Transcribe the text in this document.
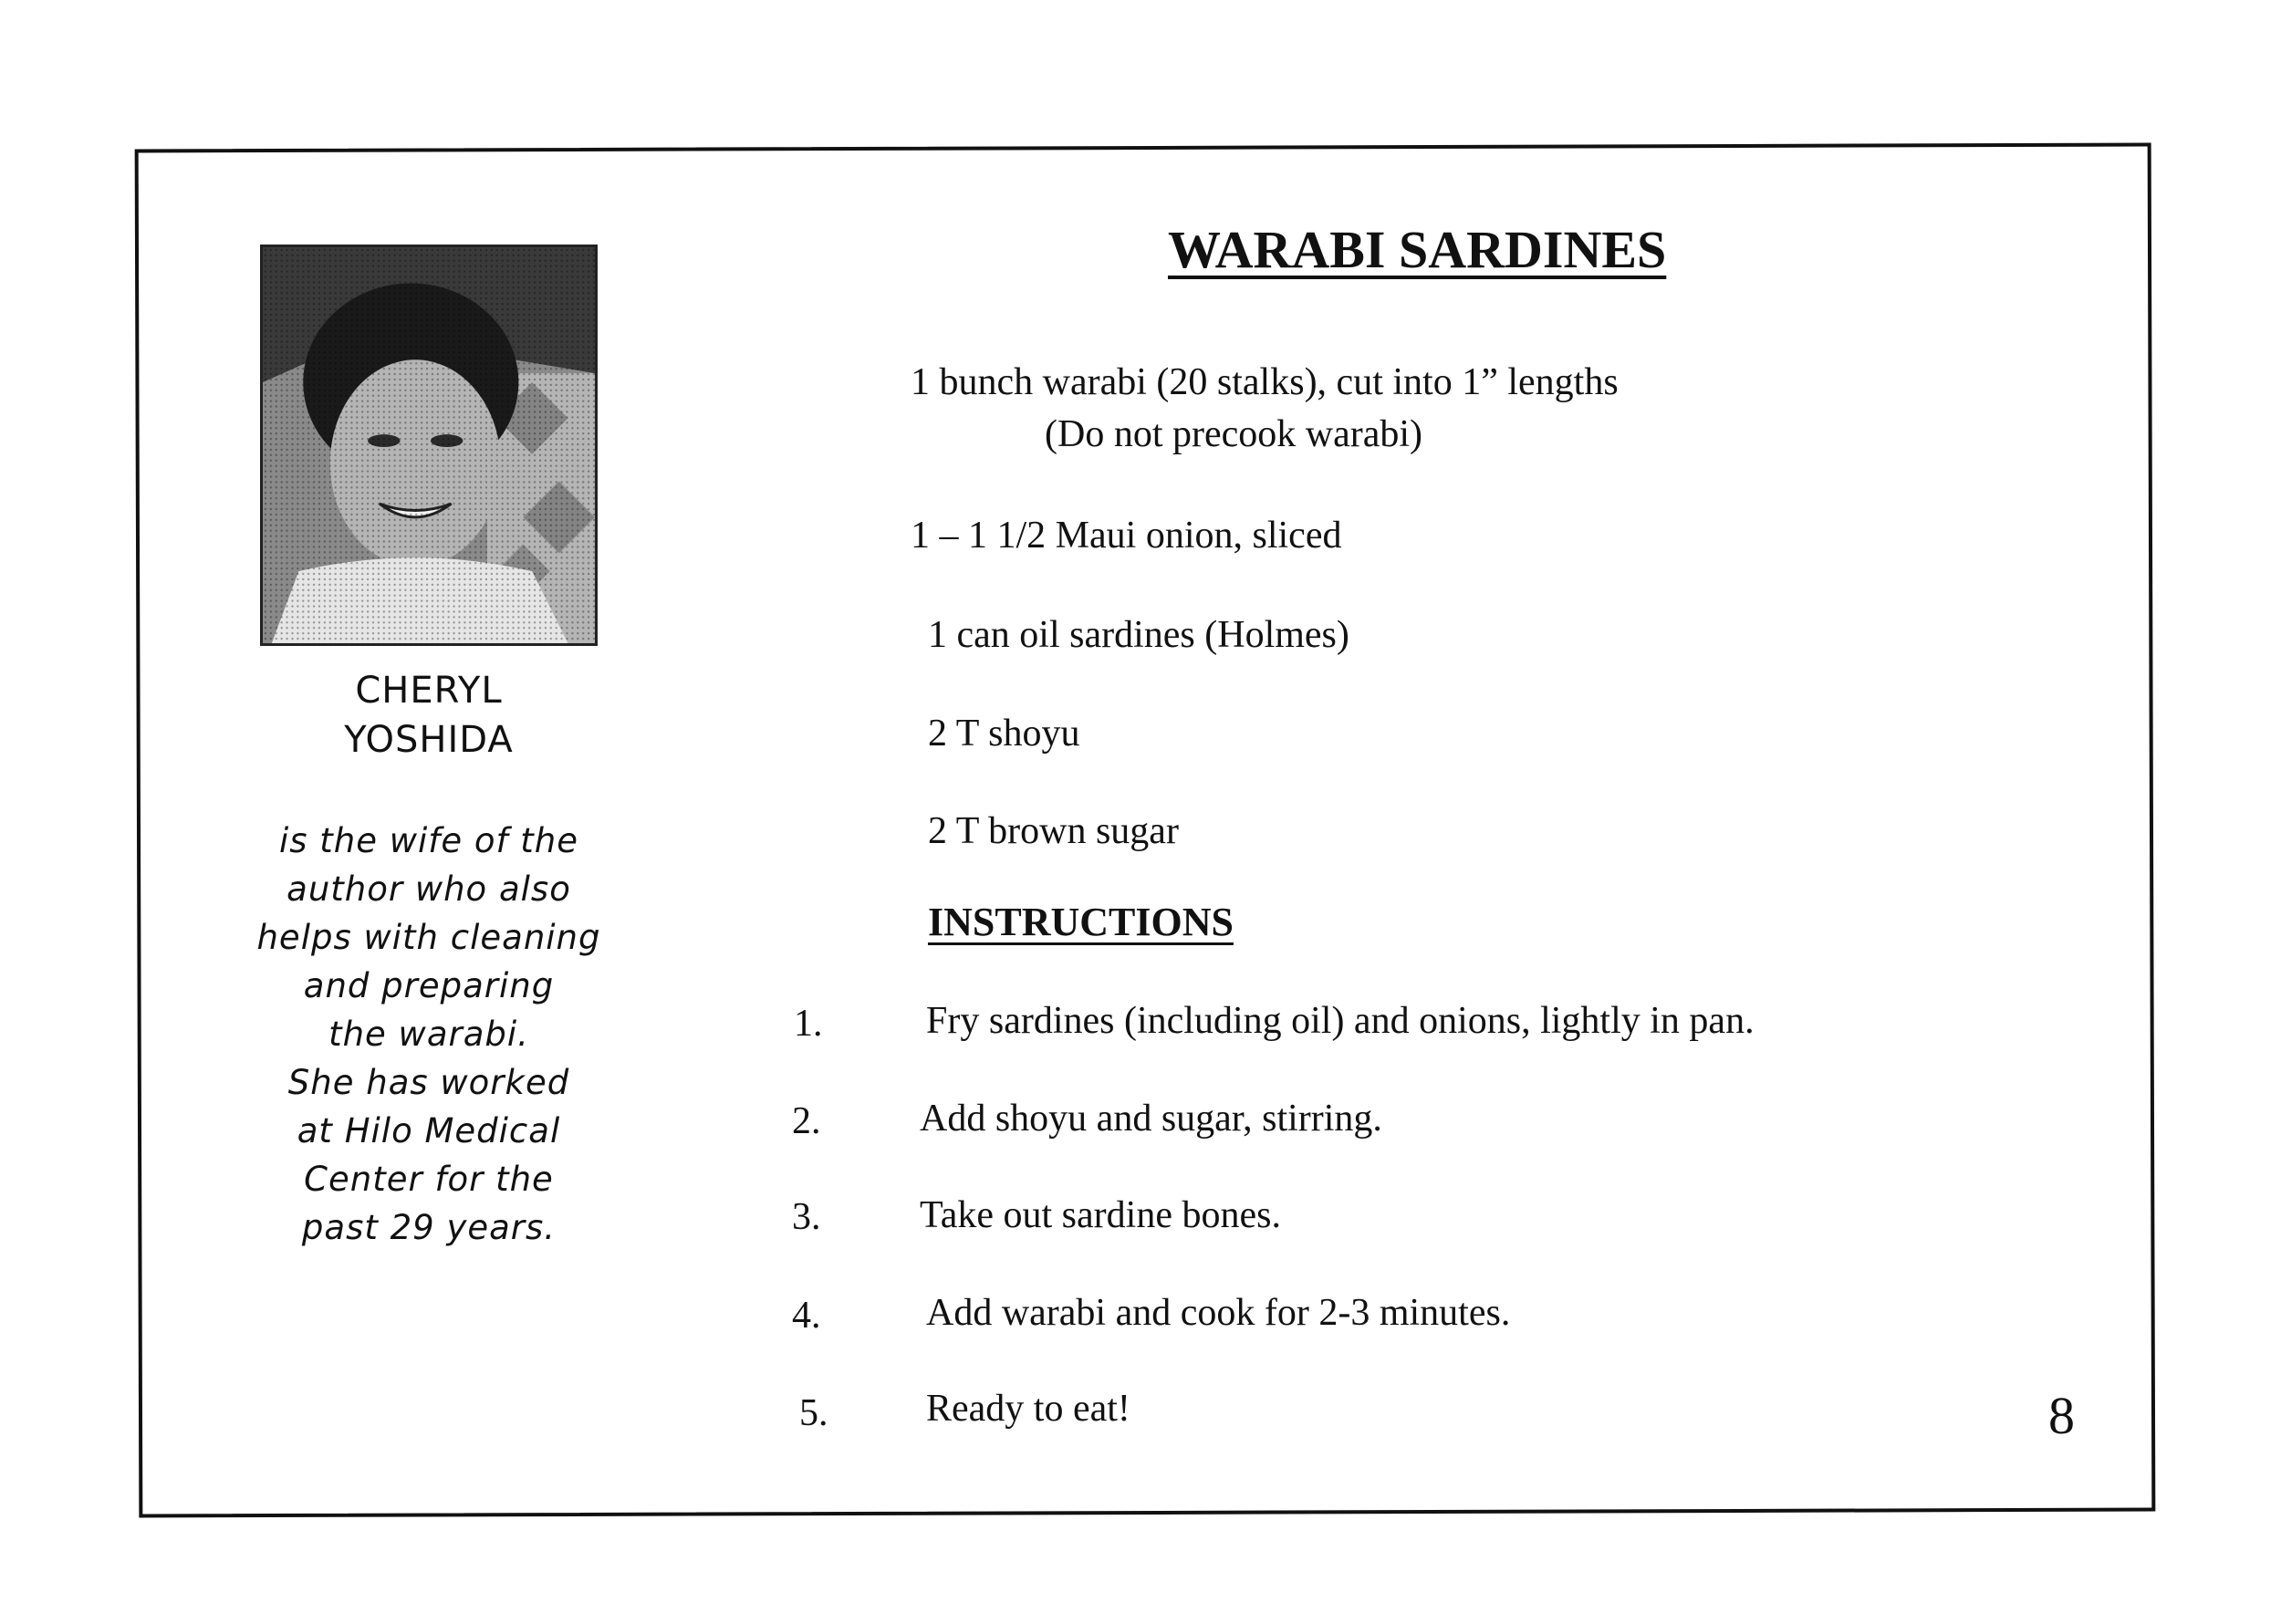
CHERYL
YOSHIDA
is the wife of the
author who also
helps with cleaning
and preparing
the warabi.
She has worked
at Hilo Medical
Center for the
past 29 years.
WARABI SARDINES
1 bunch warabi (20 stalks), cut into 1” lengths
(Do not precook warabi)
1 – 1 1/2 Maui onion, sliced
1 can oil sardines (Holmes)
2 T shoyu
2 T brown sugar
INSTRUCTIONS
1.	Fry sardines (including oil) and onions, lightly in pan.
2.	Add shoyu and sugar, stirring.
3.	Take out sardine bones.
4.	Add warabi and cook for 2-3 minutes.
5.	Ready to eat!	8
